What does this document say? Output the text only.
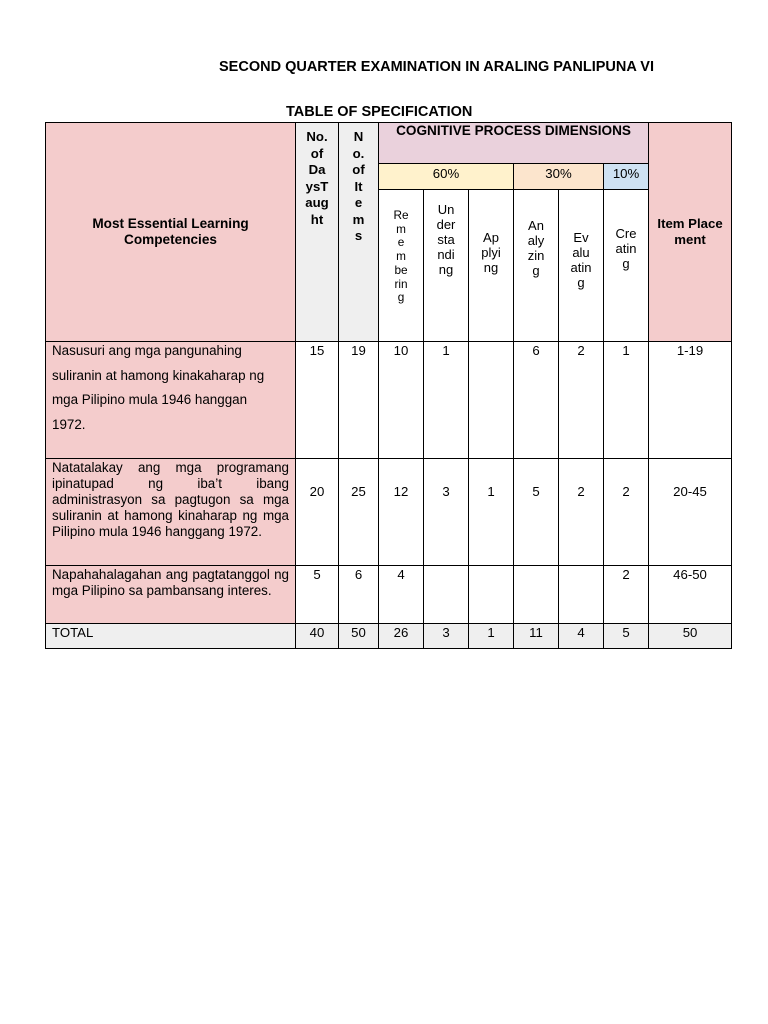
SECOND QUARTER EXAMINATION IN ARALING PANLIPUNA VI
TABLE OF SPECIFICATION
Most Essential Learning Competencies	No. of DaysTaught	No.of Items	COGNITIVE PROCESS DIMENSIONS						Item Placement

			60%			30%		10%	

			Remembering	Understanding	Applying	Analyzing	Evaluating	Creating	

Nasusuri ang mga pangunahing

suliranin at hamong kinakaharap ng

mga Pilipino mula 1946 hanggan

1972.	15	19	10	1		6	2	1	1-19
Natatalakay ang mga programang ipinatupad ng iba’t ibang administrasyon sa pagtugon sa mga suliranin at hamong kinaharap ng mga Pilipino mula 1946 hanggang 1972.	20	25	12	3	1	5	2	2	20-45
Napahahalagahan ang pagtatanggol ng mga Pilipino sa pambansang interes.	5	6	4					2	46-50
TOTAL	40	50	26	3	1	11	4	5	50
